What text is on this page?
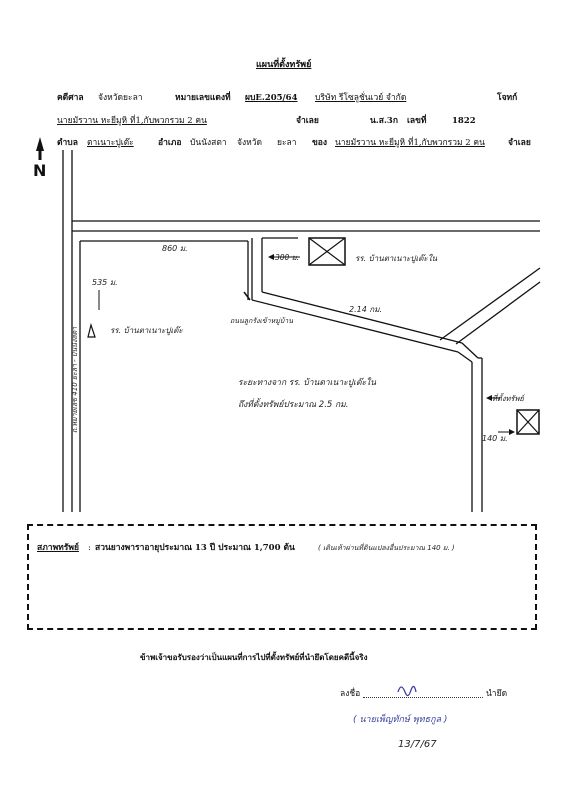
แผนที่ตั้งทรัพย์
คดีศาล จังหวัดยะลา	หมายเลขแดงที่ ผบE.205/64 บริษัท รีโซลูชั่นเวย์ จำกัด	โจทก์
นายมัรวาน หะยีมูหิ ที่1,กับพวกรวม 2 คน	จำเลย	น.ส.3ก เลขที่	1822
ตำบล ตาเนาะปูเต๊ะ	อำเภอ บันนังสตา จังหวัด ยะลา ของ นายมัรวาน หะยีมูหิ ที่1,กับพวกรวม 2 คน	จำเลย
860 ม.
535 ม.
300 ม.	รร. บ้านตาเนาะปูเต๊ะใน
2.14 กม.
รร. บ้านตาเนาะปูเต๊ะ
ถนนลูกรังเข้าหมู่บ้าน
ถ.หมายเลข 410 ยะลา - บันนังสตา	ระยะทางจาก รร. บ้านตาเนาะปูเต๊ะใน
ถึงที่ตั้งทรัพย์ประมาณ 2.5 กม.
ที่ตั้งทรัพย์
140 ม.
สภาพทรัพย์ : สวนยางพาราอายุประมาณ 13 ปี ประมาณ 1,700 ต้น	( เดินเท้าผ่านที่ดินแปลงอื่นประมาณ 140 ม. )
ข้าพเจ้าขอรับรองว่าเป็นแผนที่การไปที่ตั้งทรัพย์ที่นำยึดโดยคดีนี้จริง
ลงชื่อ	นำยึด
( นายเพ็ญทักษ์ พุทธกูล )
13/7/67
N
